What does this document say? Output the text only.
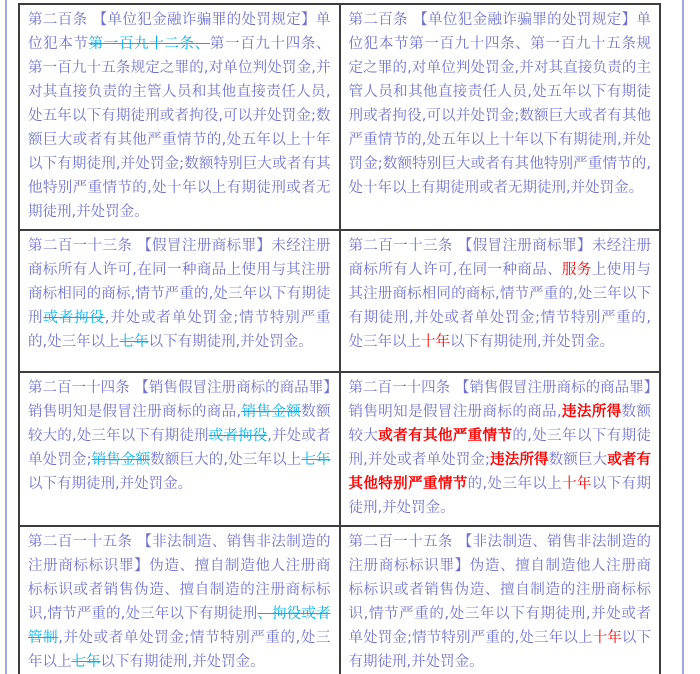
第二百条 【单位犯金融诈骗罪的处罚规定】单位犯本节第一百九十二条、第一百九十四条、第一百九十五条规定之罪的,对单位判处罚金,并对其直接负责的主管人员和其他直接责任人员,处五年以下有期徒刑或者拘役,可以并处罚金;数额巨大或者有其他严重情节的,处五年以上十年以下有期徒刑,并处罚金;数额特别巨大或者有其他特别严重情节的,处十年以上有期徒刑或者无期徒刑,并处罚金。	第二百条 【单位犯金融诈骗罪的处罚规定】单位犯本节第一百九十四条、第一百九十五条规定之罪的,对单位判处罚金,并对其直接负责的主管人员和其他直接责任人员,处五年以下有期徒刑或者拘役,可以并处罚金;数额巨大或者有其他严重情节的,处五年以上十年以下有期徒刑,并处罚金;数额特别巨大或者有其他特别严重情节的,处十年以上有期徒刑或者无期徒刑,并处罚金。
第二百一十三条 【假冒注册商标罪】未经注册商标所有人许可,在同一种商品上使用与其注册商标相同的商标,情节严重的,处三年以下有期徒刑或者拘役,并处或者单处罚金;情节特别严重的,处三年以上七年以下有期徒刑,并处罚金。	第二百一十三条 【假冒注册商标罪】未经注册商标所有人许可,在同一种商品、服务上使用与其注册商标相同的商标,情节严重的,处三年以下有期徒刑,并处或者单处罚金;情节特别严重的,处三年以上十年以下有期徒刑,并处罚金。
第二百一十四条 【销售假冒注册商标的商品罪】销售明知是假冒注册商标的商品,销售金额数额较大的,处三年以下有期徒刑或者拘役,并处或者单处罚金;销售金额数额巨大的,处三年以上七年以下有期徒刑,并处罚金。	第二百一十四条 【销售假冒注册商标的商品罪】销售明知是假冒注册商标的商品,违法所得数额较大或者有其他严重情节的,处三年以下有期徒刑,并处或者单处罚金;违法所得数额巨大或者有其他特别严重情节的,处三年以上十年以下有期徒刑,并处罚金。
第二百一十五条 【非法制造、销售非法制造的注册商标标识罪】伪造、擅自制造他人注册商标标识或者销售伪造、擅自制造的注册商标标识,情节严重的,处三年以下有期徒刑、拘役或者管制,并处或者单处罚金;情节特别严重的,处三年以上七年以下有期徒刑,并处罚金。	第二百一十五条 【非法制造、销售非法制造的注册商标标识罪】伪造、擅自制造他人注册商标标识或者销售伪造、擅自制造的注册商标标识,情节严重的,处三年以下有期徒刑,并处或者单处罚金;情节特别严重的,处三年以上十年以下有期徒刑,并处罚金。
